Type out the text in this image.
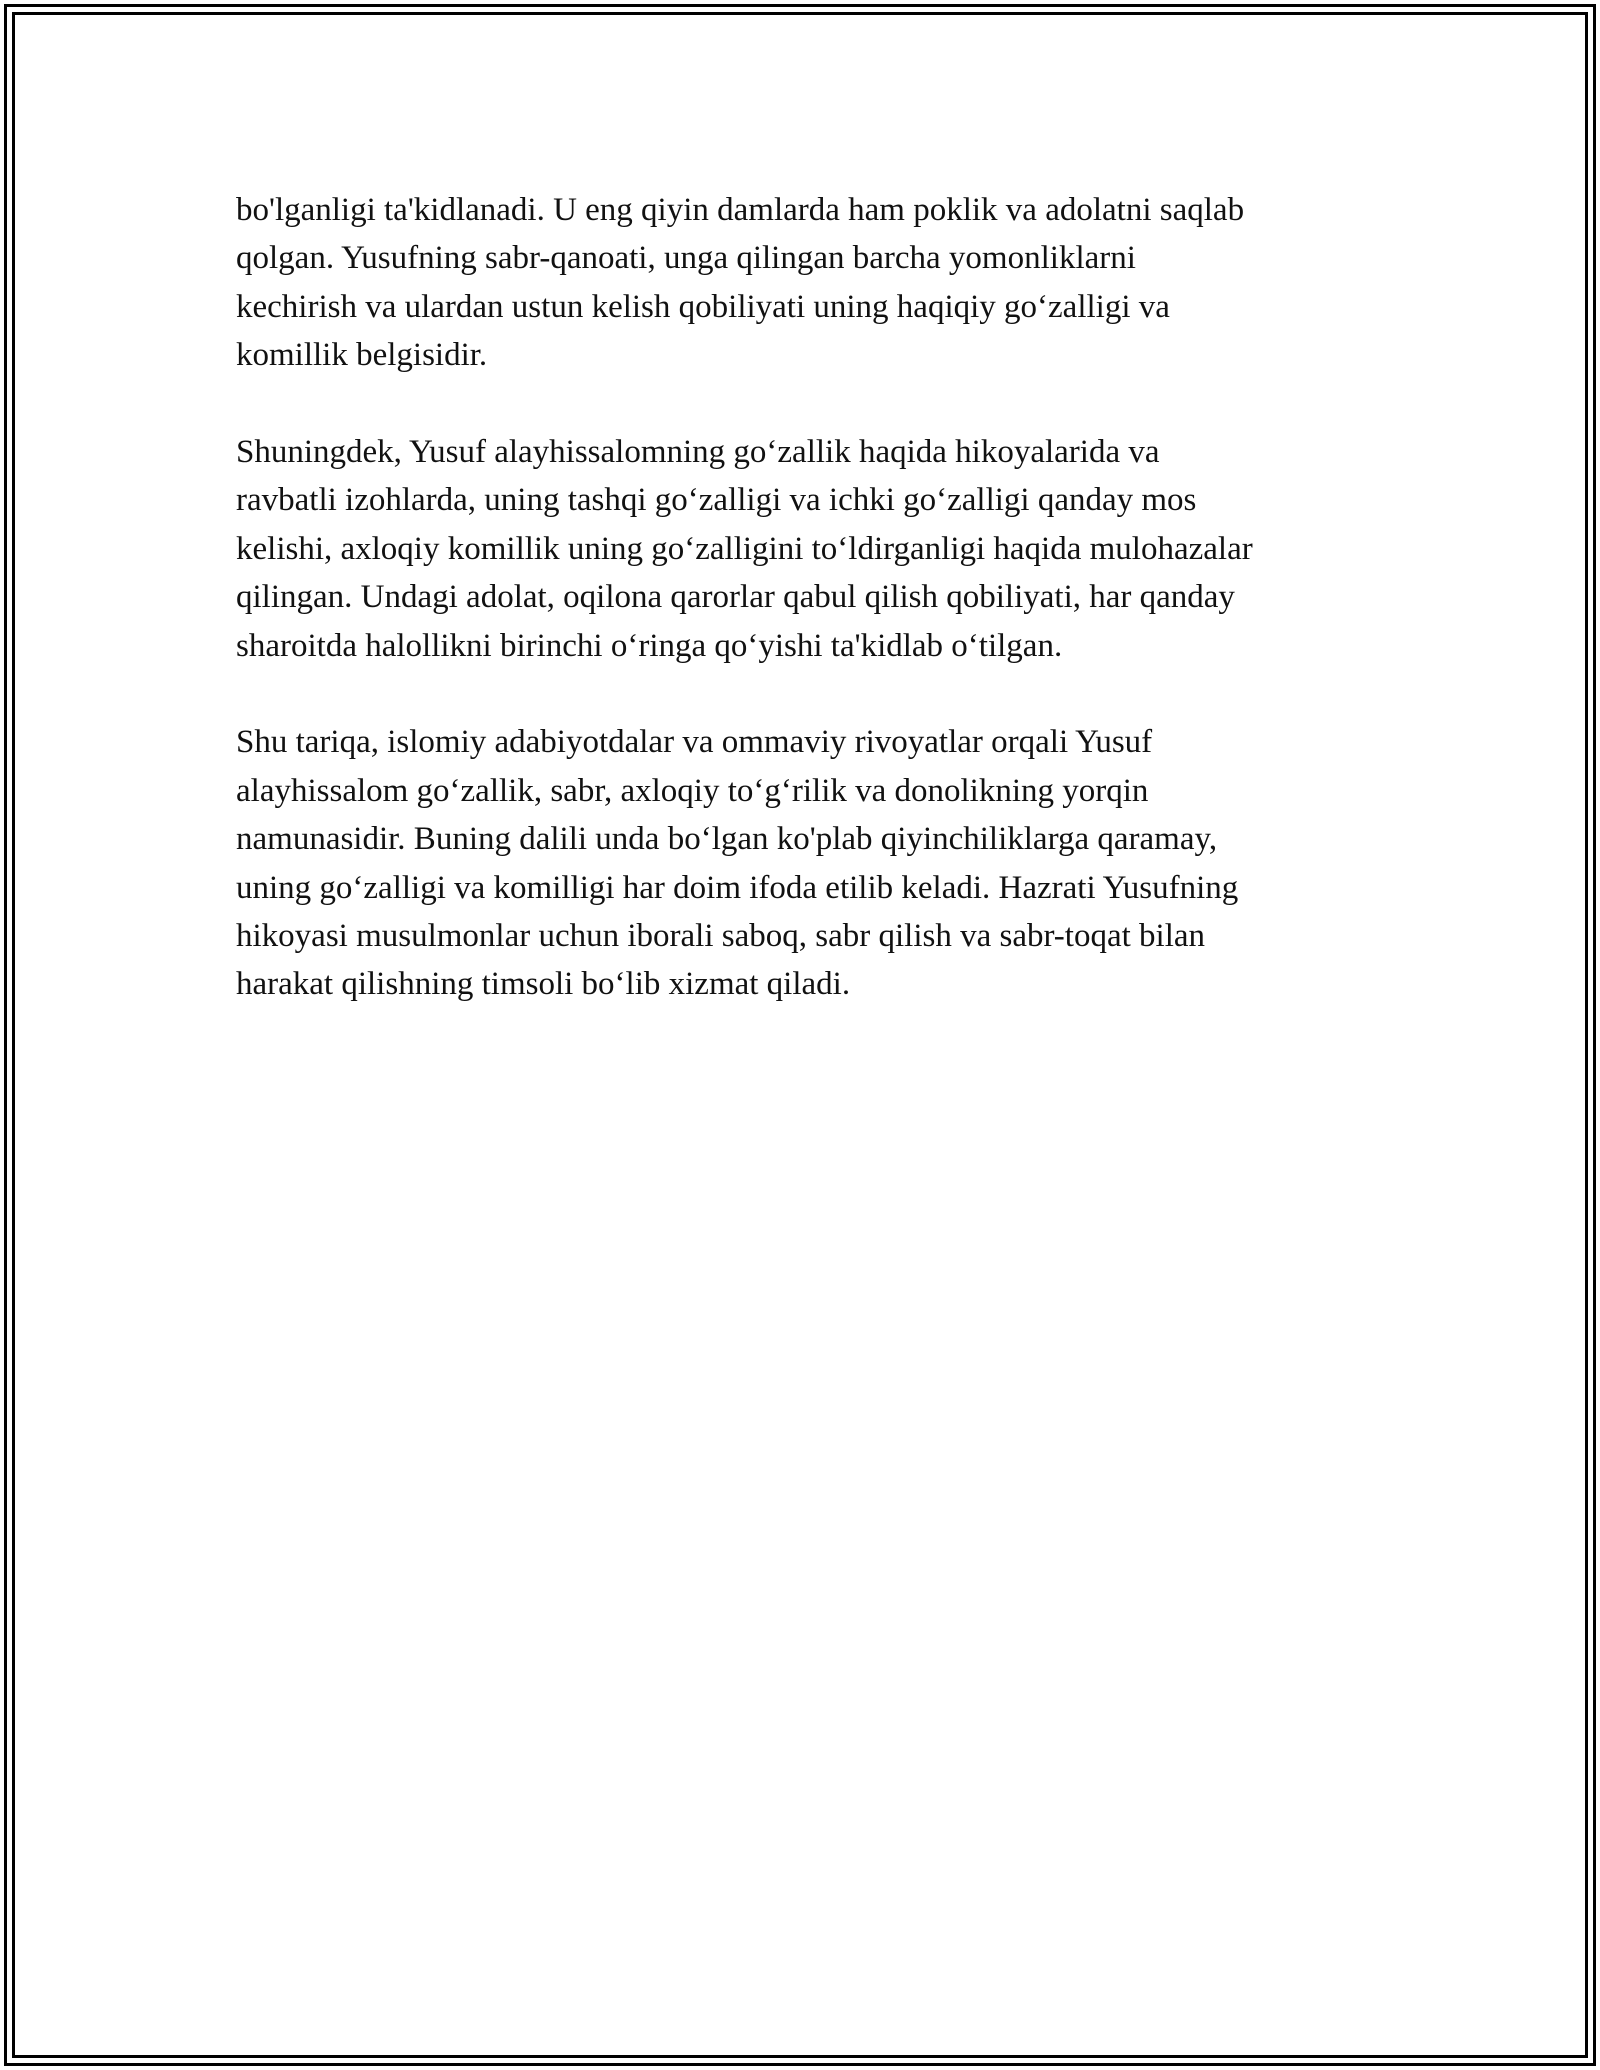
bo'lganligi ta'kidlanadi. U eng qiyin damlarda ham poklik va adolatni saqlab
qolgan. Yusufning sabr-qanoati, unga qilingan barcha yomonliklarni
kechirish va ulardan ustun kelish qobiliyati uning haqiqiy go‘zalligi va
komillik belgisidir.

Shuningdek, Yusuf alayhissalomning go‘zallik haqida hikoyalarida va
ravbatli izohlarda, uning tashqi go‘zalligi va ichki go‘zalligi qanday mos
kelishi, axloqiy komillik uning go‘zalligini to‘ldirganligi haqida mulohazalar
qilingan. Undagi adolat, oqilona qarorlar qabul qilish qobiliyati, har qanday
sharoitda halollikni birinchi o‘ringa qo‘yishi ta'kidlab o‘tilgan.

Shu tariqa, islomiy adabiyotdalar va ommaviy rivoyatlar orqali Yusuf
alayhissalom go‘zallik, sabr, axloqiy to‘g‘rilik va donolikning yorqin
namunasidir. Buning dalili unda bo‘lgan ko'plab qiyinchiliklarga qaramay,
uning go‘zalligi va komilligi har doim ifoda etilib keladi. Hazrati Yusufning
hikoyasi musulmonlar uchun iborali saboq, sabr qilish va sabr-toqat bilan
harakat qilishning timsoli bo‘lib xizmat qiladi.
